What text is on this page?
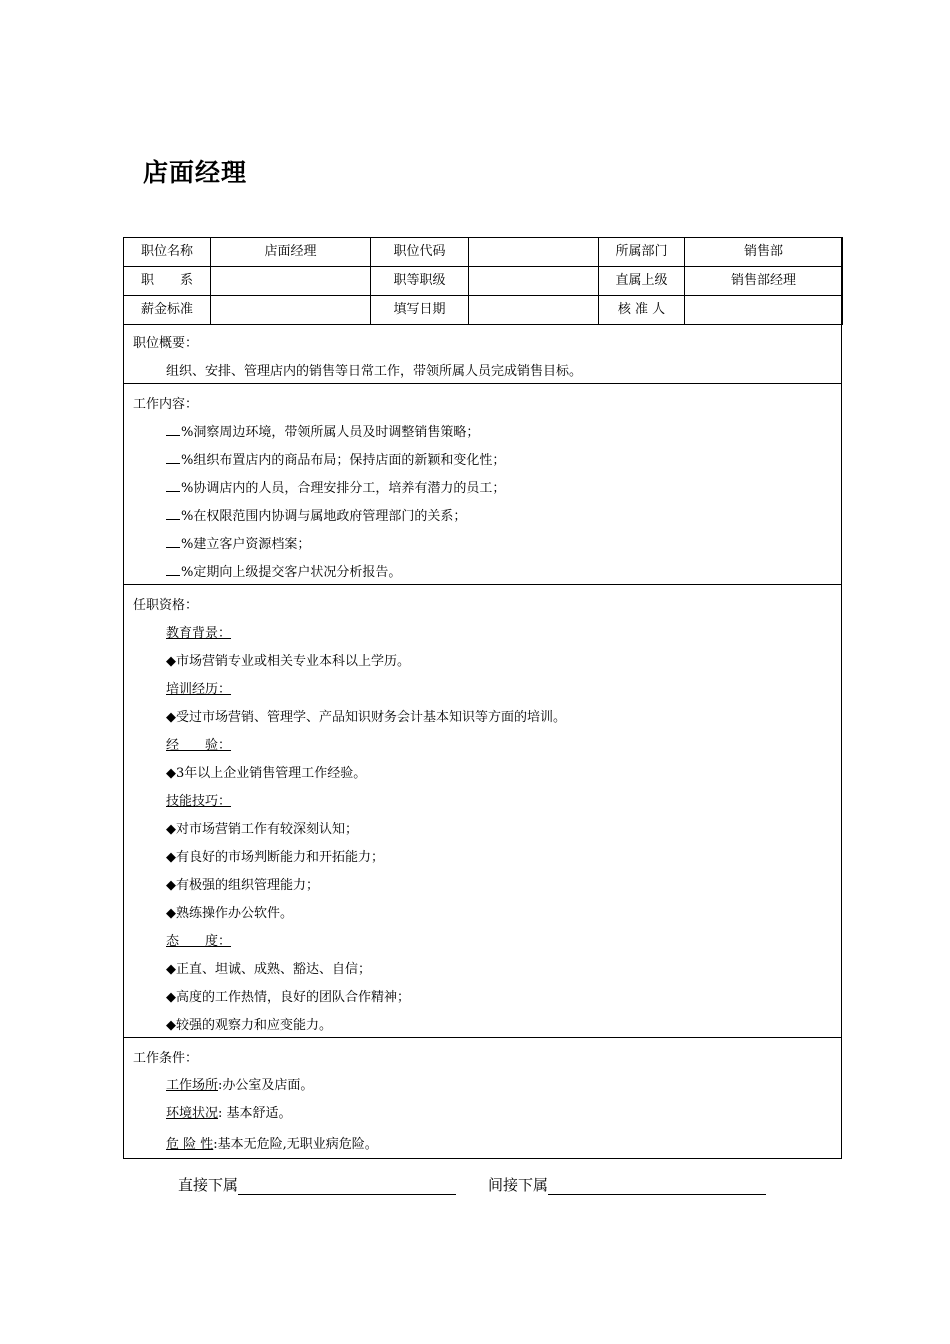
店面经理
职位名称	店面经理	职位代码		所属部门	销售部
职　　系		职等职级		直属上级	销售部经理
薪金标准		填写日期		核 准 人	
职位概要：
组织、安排、管理店内的销售等日常工作，带领所属人员完成销售目标。
工作内容：
%洞察周边环境，带领所属人员及时调整销售策略；
%组织布置店内的商品布局；保持店面的新颖和变化性；
%协调店内的人员，合理安排分工，培养有潜力的员工；
%在权限范围内协调与属地政府管理部门的关系；
%建立客户资源档案；
%定期向上级提交客户状况分析报告。
任职资格：
教育背景：
◆市场营销专业或相关专业本科以上学历。
培训经历：
◆受过市场营销、管理学、产品知识财务会计基本知识等方面的培训。
经　　验：
◆3年以上企业销售管理工作经验。
技能技巧：
◆对市场营销工作有较深刻认知；
◆有良好的市场判断能力和开拓能力；
◆有极强的组织管理能力；
◆熟练操作办公软件。
态　　度：
◆正直、坦诚、成熟、豁达、自信；
◆高度的工作热情，良好的团队合作精神；
◆较强的观察力和应变能力。
工作条件：
工作场所:办公室及店面。
环境状况: 基本舒适。
危 险 性:基本无危险,无职业病危险。
直接下属	间接下属
